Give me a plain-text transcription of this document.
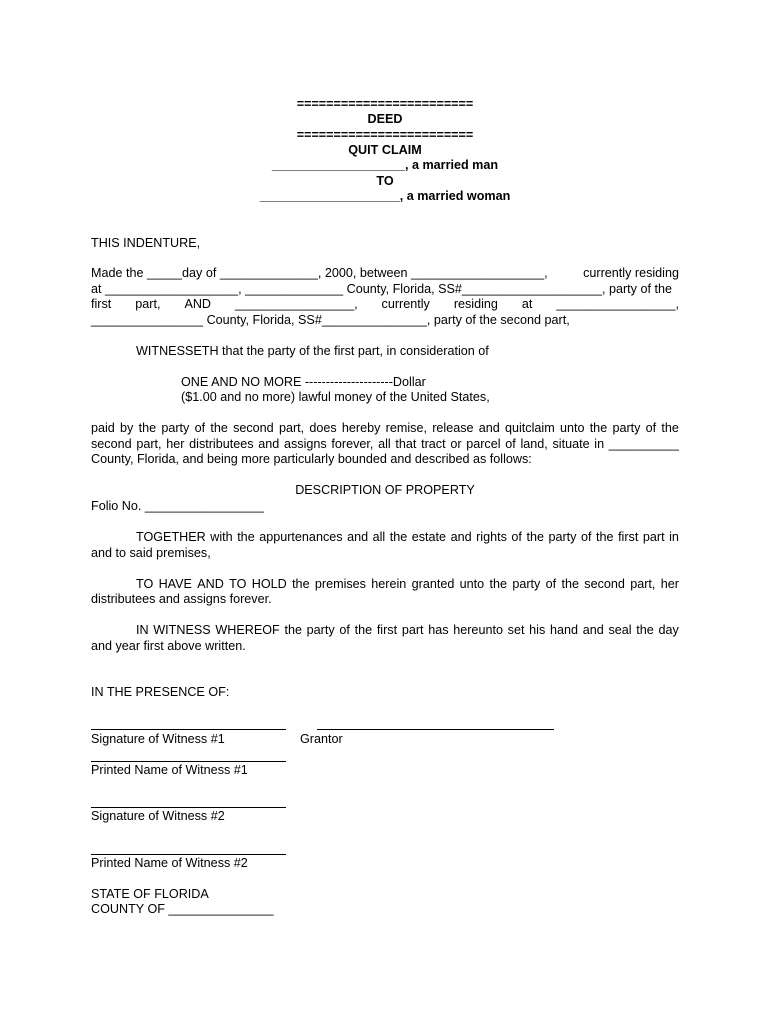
========================
DEED
========================
QUIT CLAIM
___________________, a married man
TO
____________________, a married woman
THIS INDENTURE,
Made the _____day of ______________, 2000, between ___________________,	currently residing
at ___________________, ______________ County, Florida, SS#____________________, party of the
first part, AND _________________, currently residing at _________________,
________________ County, Florida, SS#_______________, party of the second part,
WITNESSETH that the party of the first part, in consideration of
ONE AND NO MORE ---------------------Dollar
($1.00 and no more) lawful money of the United States,
paid by the party of the second part, does hereby remise, release and quitclaim unto the party of the
second part, her distributees and assigns forever, all that tract or parcel of land, situate in __________
County, Florida, and being more particularly bounded and described as follows:
DESCRIPTION OF PROPERTY
Folio No. _________________
TOGETHER with the appurtenances and all the estate and rights of the party of the first part in
and to said premises,
TO HAVE AND TO HOLD the premises herein granted unto the party of the second part, her
distributees and assigns forever.
IN WITNESS WHEREOF the party of the first part has hereunto set his hand and seal the day
and year first above written.
IN THE PRESENCE OF:
Signature of Witness #1	Grantor
Printed Name of Witness #1
Signature of Witness #2
Printed Name of Witness #2
STATE OF FLORIDA
COUNTY OF _______________
